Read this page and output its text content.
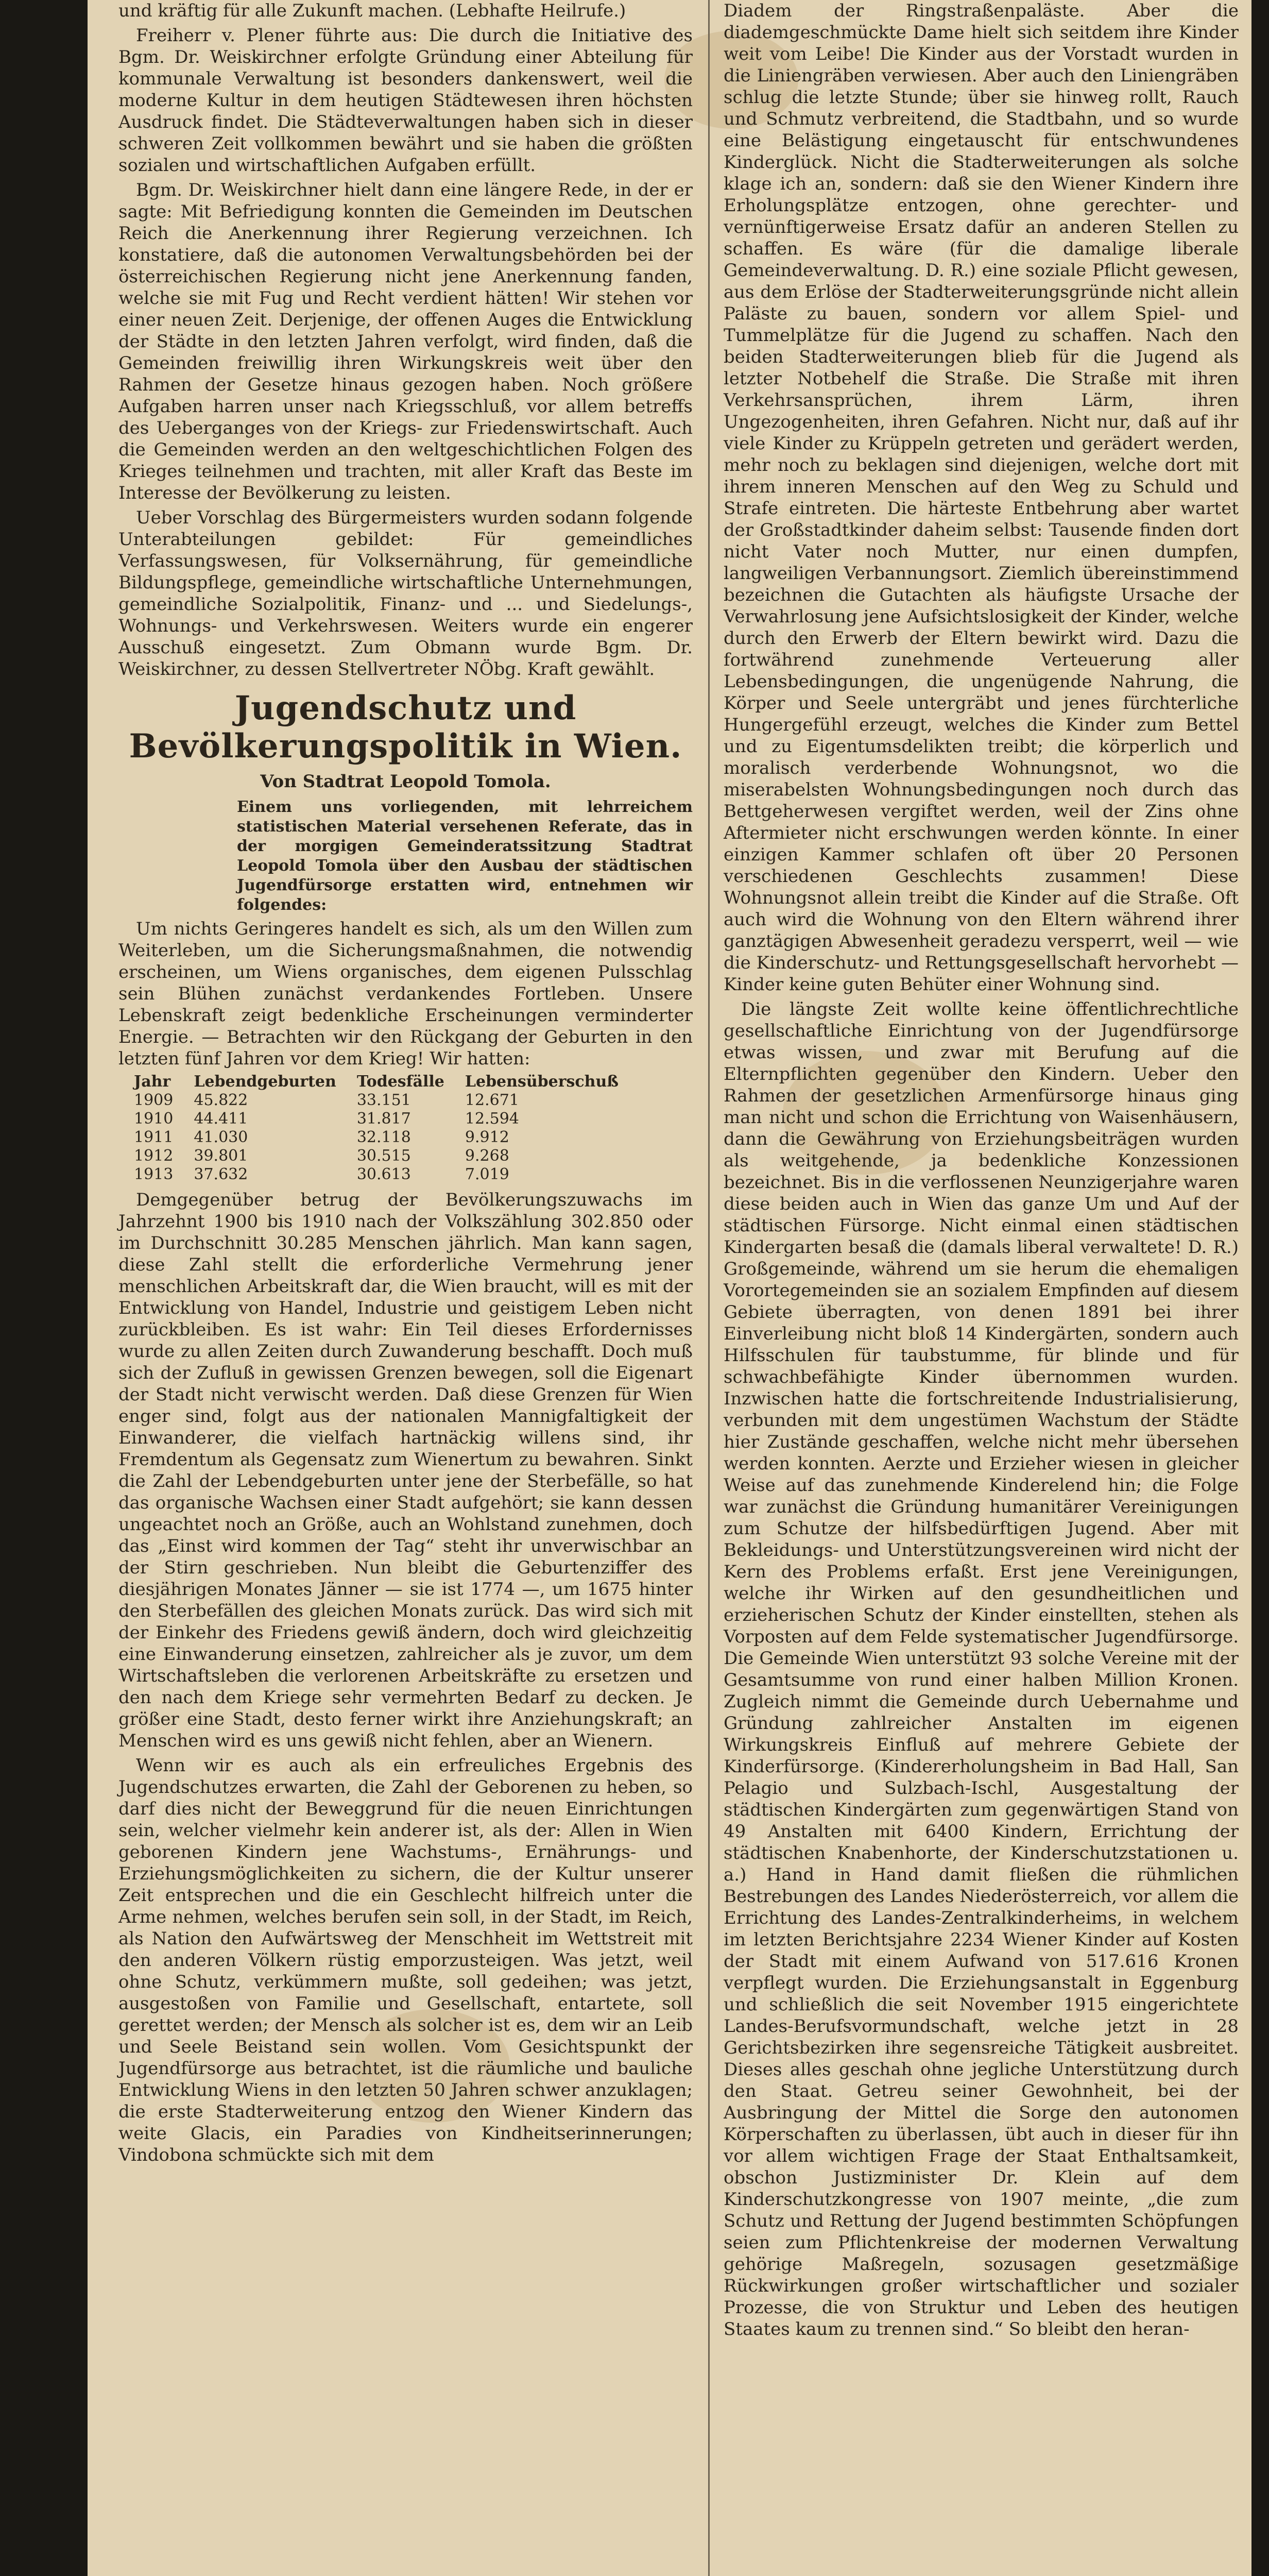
und kräftig für alle Zukunft machen. (Lebhafte Heilrufe.)

Freiherr v. Plener führte aus: Die durch die Initiative des Bgm. Dr. Weiskirchner erfolgte Gründung einer Abteilung für kommunale Verwaltung ist besonders dankenswert, weil die moderne Kultur in dem heutigen Städtewesen ihren höchsten Ausdruck findet. Die Städteverwaltungen haben sich in dieser schweren Zeit vollkommen bewährt und sie haben die größten sozialen und wirtschaftlichen Aufgaben erfüllt.

Bgm. Dr. Weiskirchner hielt dann eine längere Rede, in der er sagte: Mit Befriedigung konnten die Gemeinden im Deutschen Reich die Anerkennung ihrer Regierung verzeichnen. Ich konstatiere, daß die autonomen Verwaltungsbehörden bei der österreichischen Regierung nicht jene Anerkennung fanden, welche sie mit Fug und Recht verdient hätten! Wir stehen vor einer neuen Zeit. Derjenige, der offenen Auges die Entwicklung der Städte in den letzten Jahren verfolgt, wird finden, daß die Gemeinden freiwillig ihren Wirkungskreis weit über den Rahmen der Gesetze hinaus gezogen haben. Noch größere Aufgaben harren unser nach Kriegsschluß, vor allem betreffs des Ueberganges von der Kriegs- zur Friedenswirtschaft. Auch die Gemeinden werden an den weltgeschichtlichen Folgen des Krieges teilnehmen und trachten, mit aller Kraft das Beste im Interesse der Bevölkerung zu leisten.

Ueber Vorschlag des Bürgermeisters wurden sodann folgende Unterabteilungen gebildet: Für gemeindliches Verfassungswesen, für Volksernährung, für gemeindliche Bildungspflege, gemeindliche wirtschaftliche Unternehmungen, gemeindliche Sozialpolitik, Finanz- und ... und Siedelungs-, Wohnungs- und Verkehrswesen. Weiters wurde ein engerer Ausschuß eingesetzt. Zum Obmann wurde Bgm. Dr. Weiskirchner, zu dessen Stellvertreter NÖbg. Kraft gewählt.

Jugendschutz und Bevölkerungspolitik in Wien.
Von Stadtrat Leopold Tomola.

Einem uns vorliegenden, mit lehrreichem statistischen Material versehenen Referate, das in der morgigen Gemeinderatssitzung Stadtrat Leopold Tomola über den Ausbau der städtischen Jugendfürsorge erstatten wird, entnehmen wir folgendes:

Um nichts Geringeres handelt es sich, als um den Willen zum Weiterleben, um die Sicherungsmaßnahmen, die notwendig erscheinen, um Wiens organisches, dem eigenen Pulsschlag sein Blühen zunächst verdankendes Fortleben. Unsere Lebenskraft zeigt bedenkliche Erscheinungen verminderter Energie. — Betrachten wir den Rückgang der Geburten in den letzten fünf Jahren vor dem Krieg! Wir hatten:

Jahr	Lebendgeburten	Todesfälle	Lebensüberschuß
1909	45.822	33.151	12.671
1910	44.411	31.817	12.594
1911	41.030	32.118	9.912
1912	39.801	30.515	9.268
1913	37.632	30.613	7.019

Demgegenüber betrug der Bevölkerungszuwachs im Jahrzehnt 1900 bis 1910 nach der Volkszählung 302.850 oder im Durchschnitt 30.285 Menschen jährlich. Man kann sagen, diese Zahl stellt die erforderliche Vermehrung jener menschlichen Arbeitskraft dar, die Wien braucht, will es mit der Entwicklung von Handel, Industrie und geistigem Leben nicht zurückbleiben. Es ist wahr: Ein Teil dieses Erfordernisses wurde zu allen Zeiten durch Zuwanderung beschafft. Doch muß sich der Zufluß in gewissen Grenzen bewegen, soll die Eigenart der Stadt nicht verwischt werden. Daß diese Grenzen für Wien enger sind, folgt aus der nationalen Mannigfaltigkeit der Einwanderer, die vielfach hartnäckig willens sind, ihr Fremdentum als Gegensatz zum Wienertum zu bewahren. Sinkt die Zahl der Lebendgeburten unter jene der Sterbefälle, so hat das organische Wachsen einer Stadt aufgehört; sie kann dessen ungeachtet noch an Größe, auch an Wohlstand zunehmen, doch das „Einst wird kommen der Tag“ steht ihr unverwischbar an der Stirn geschrieben. Nun bleibt die Geburtenziffer des diesjährigen Monates Jänner — sie ist 1774 —, um 1675 hinter den Sterbefällen des gleichen Monats zurück. Das wird sich mit der Einkehr des Friedens gewiß ändern, doch wird gleichzeitig eine Einwanderung einsetzen, zahlreicher als je zuvor, um dem Wirtschaftsleben die verlorenen Arbeitskräfte zu ersetzen und den nach dem Kriege sehr vermehrten Bedarf zu decken. Je größer eine Stadt, desto ferner wirkt ihre Anziehungskraft; an Menschen wird es uns gewiß nicht fehlen, aber an Wienern.

Wenn wir es auch als ein erfreuliches Ergebnis des Jugendschutzes erwarten, die Zahl der Geborenen zu heben, so darf dies nicht der Beweggrund für die neuen Einrichtungen sein, welcher vielmehr kein anderer ist, als der: Allen in Wien geborenen Kindern jene Wachstums-, Ernährungs- und Erziehungsmöglichkeiten zu sichern, die der Kultur unserer Zeit entsprechen und die ein Geschlecht hilfreich unter die Arme nehmen, welches berufen sein soll, in der Stadt, im Reich, als Nation den Aufwärtsweg der Menschheit im Wettstreit mit den anderen Völkern rüstig emporzusteigen. Was jetzt, weil ohne Schutz, verkümmern mußte, soll gedeihen; was jetzt, ausgestoßen von Familie und Gesellschaft, entartete, soll gerettet werden; der Mensch als solcher ist es, dem wir an Leib und Seele Beistand sein wollen. Vom Gesichtspunkt der Jugendfürsorge aus betrachtet, ist die räumliche und bauliche Entwicklung Wiens in den letzten 50 Jahren schwer anzuklagen; die erste Stadterweiterung entzog den Wiener Kindern das weite Glacis, ein Paradies von Kindheitserinnerungen; Vindobona schmückte sich mit dem

Diadem der Ringstraßenpaläste. Aber die diademgeschmückte Dame hielt sich seitdem ihre Kinder weit vom Leibe! Die Kinder aus der Vorstadt wurden in die Liniengräben verwiesen. Aber auch den Liniengräben schlug die letzte Stunde; über sie hinweg rollt, Rauch und Schmutz verbreitend, die Stadtbahn, und so wurde eine Belästigung eingetauscht für entschwundenes Kinderglück. Nicht die Stadterweiterungen als solche klage ich an, sondern: daß sie den Wiener Kindern ihre Erholungsplätze entzogen, ohne gerechter- und vernünftigerweise Ersatz dafür an anderen Stellen zu schaffen. Es wäre (für die damalige liberale Gemeindeverwaltung. D. R.) eine soziale Pflicht gewesen, aus dem Erlöse der Stadterweiterungsgründe nicht allein Paläste zu bauen, sondern vor allem Spiel- und Tummelplätze für die Jugend zu schaffen. Nach den beiden Stadterweiterungen blieb für die Jugend als letzter Notbehelf die Straße. Die Straße mit ihren Verkehrsansprüchen, ihrem Lärm, ihren Ungezogenheiten, ihren Gefahren. Nicht nur, daß auf ihr viele Kinder zu Krüppeln getreten und gerädert werden, mehr noch zu beklagen sind diejenigen, welche dort mit ihrem inneren Menschen auf den Weg zu Schuld und Strafe eintreten. Die härteste Entbehrung aber wartet der Großstadtkinder daheim selbst: Tausende finden dort nicht Vater noch Mutter, nur einen dumpfen, langweiligen Verbannungsort. Ziemlich übereinstimmend bezeichnen die Gutachten als häufigste Ursache der Verwahrlosung jene Aufsichtslosigkeit der Kinder, welche durch den Erwerb der Eltern bewirkt wird. Dazu die fortwährend zunehmende Verteuerung aller Lebensbedingungen, die ungenügende Nahrung, die Körper und Seele untergräbt und jenes fürchterliche Hungergefühl erzeugt, welches die Kinder zum Bettel und zu Eigentumsdelikten treibt; die körperlich und moralisch verderbende Wohnungsnot, wo die miserabelsten Wohnungsbedingungen noch durch das Bettgeherwesen vergiftet werden, weil der Zins ohne Aftermieter nicht erschwungen werden könnte. In einer einzigen Kammer schlafen oft über 20 Personen verschiedenen Geschlechts zusammen! Diese Wohnungsnot allein treibt die Kinder auf die Straße. Oft auch wird die Wohnung von den Eltern während ihrer ganztägigen Abwesenheit geradezu versperrt, weil — wie die Kinderschutz- und Rettungsgesellschaft hervorhebt — Kinder keine guten Behüter einer Wohnung sind.

Die längste Zeit wollte keine öffentlichrechtliche gesellschaftliche Einrichtung von der Jugendfürsorge etwas wissen, und zwar mit Berufung auf die Elternpflichten gegenüber den Kindern. Ueber den Rahmen der gesetzlichen Armenfürsorge hinaus ging man nicht und schon die Errichtung von Waisenhäusern, dann die Gewährung von Erziehungsbeiträgen wurden als weitgehende, ja bedenkliche Konzessionen bezeichnet. Bis in die verflossenen Neunzigerjahre waren diese beiden auch in Wien das ganze Um und Auf der städtischen Fürsorge. Nicht einmal einen städtischen Kindergarten besaß die (damals liberal verwaltete! D. R.) Großgemeinde, während um sie herum die ehemaligen Vorortegemeinden sie an sozialem Empfinden auf diesem Gebiete überragten, von denen 1891 bei ihrer Einverleibung nicht bloß 14 Kindergärten, sondern auch Hilfsschulen für taubstumme, für blinde und für schwachbefähigte Kinder übernommen wurden. Inzwischen hatte die fortschreitende Industrialisierung, verbunden mit dem ungestümen Wachstum der Städte hier Zustände geschaffen, welche nicht mehr übersehen werden konnten. Aerzte und Erzieher wiesen in gleicher Weise auf das zunehmende Kinderelend hin; die Folge war zunächst die Gründung humanitärer Vereinigungen zum Schutze der hilfsbedürftigen Jugend. Aber mit Bekleidungs- und Unterstützungsvereinen wird nicht der Kern des Problems erfaßt. Erst jene Vereinigungen, welche ihr Wirken auf den gesundheitlichen und erzieherischen Schutz der Kinder einstellten, stehen als Vorposten auf dem Felde systematischer Jugendfürsorge. Die Gemeinde Wien unterstützt 93 solche Vereine mit der Gesamtsumme von rund einer halben Million Kronen. Zugleich nimmt die Gemeinde durch Uebernahme und Gründung zahlreicher Anstalten im eigenen Wirkungskreis Einfluß auf mehrere Gebiete der Kinderfürsorge. (Kindererholungsheim in Bad Hall, San Pelagio und Sulzbach-Ischl, Ausgestaltung der städtischen Kindergärten zum gegenwärtigen Stand von 49 Anstalten mit 6400 Kindern, Errichtung der städtischen Knabenhorte, der Kinderschutzstationen u. a.) Hand in Hand damit fließen die rühmlichen Bestrebungen des Landes Niederösterreich, vor allem die Errichtung des Landes-Zentralkinderheims, in welchem im letzten Berichtsjahre 2234 Wiener Kinder auf Kosten der Stadt mit einem Aufwand von 517.616 Kronen verpflegt wurden. Die Erziehungsanstalt in Eggenburg und schließlich die seit November 1915 eingerichtete Landes-Berufsvormundschaft, welche jetzt in 28 Gerichtsbezirken ihre segensreiche Tätigkeit ausbreitet. Dieses alles geschah ohne jegliche Unterstützung durch den Staat. Getreu seiner Gewohnheit, bei der Ausbringung der Mittel die Sorge den autonomen Körperschaften zu überlassen, übt auch in dieser für ihn vor allem wichtigen Frage der Staat Enthaltsamkeit, obschon Justizminister Dr. Klein auf dem Kinderschutzkongresse von 1907 meinte, „die zum Schutz und Rettung der Jugend bestimmten Schöpfungen seien zum Pflichtenkreise der modernen Verwaltung gehörige Maßregeln, sozusagen gesetzmäßige Rückwirkungen großer wirtschaftlicher und sozialer Prozesse, die von Struktur und Leben des heutigen Staates kaum zu trennen sind.“ So bleibt den heran-
